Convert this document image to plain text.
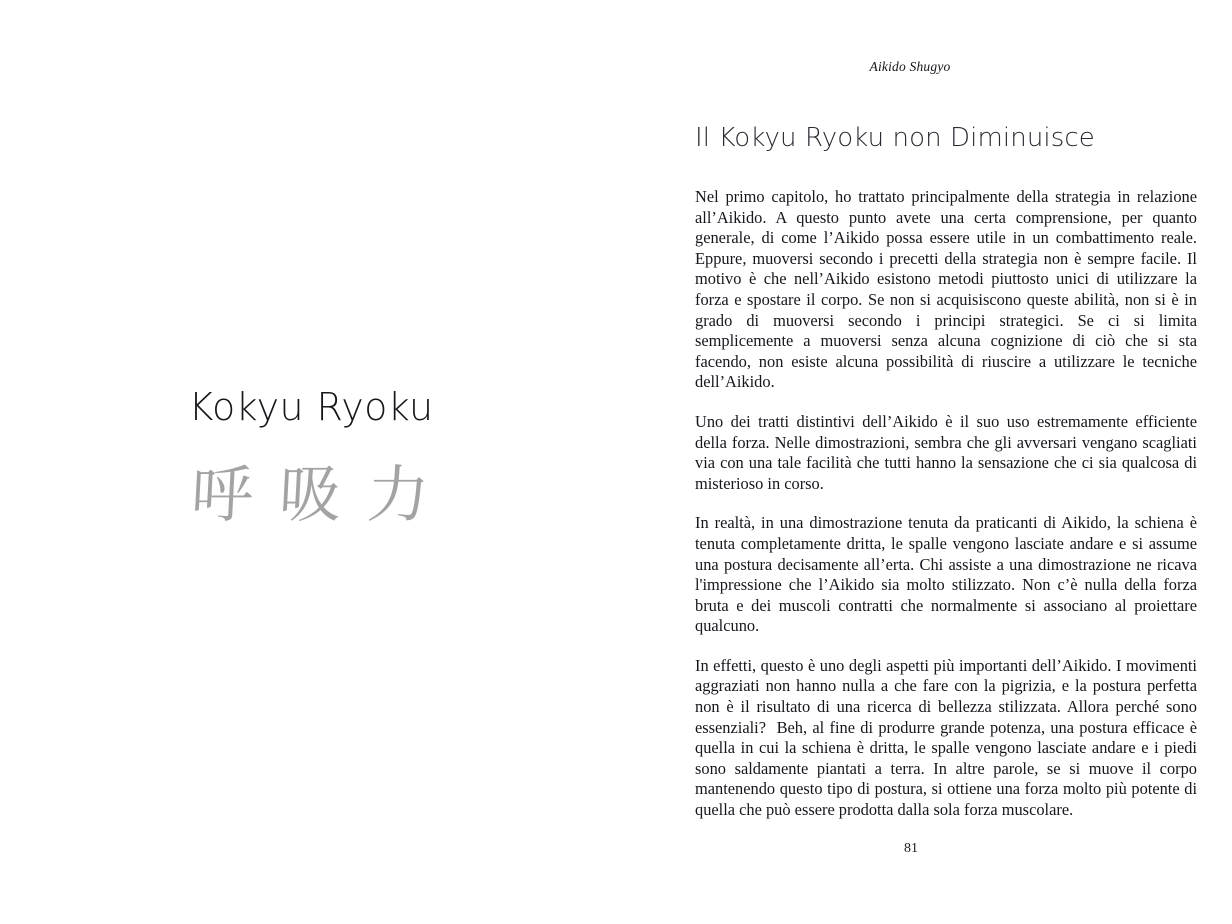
Kokyu Ryoku
呼吸力
Aikido Shugyo
Il Kokyu Ryoku non Diminuisce

Nel primo capitolo, ho trattato principalmente della strategia in relazione all’Aikido. A questo punto avete una certa comprensione, per quanto generale, di come l’Aikido possa essere utile in un combattimento reale. Eppure, muoversi secondo i precetti della strategia non è sempre facile. Il motivo è che nell’Aikido esistono metodi piuttosto unici di utilizzare la forza e spostare il corpo. Se non si acquisiscono queste abilità, non si è in grado di muoversi secondo i principi strategici. Se ci si limita semplicemente a muoversi senza alcuna cognizione di ciò che si sta facendo, non esiste alcuna possibilità di riuscire a utilizzare le tecniche dell’Aikido.

Uno dei tratti distintivi dell’Aikido è il suo uso estremamente efficiente della forza. Nelle dimostrazioni, sembra che gli avversari vengano scagliati via con una tale facilità che tutti hanno la sensazione che ci sia qualcosa di misterioso in corso.

In realtà, in una dimostrazione tenuta da praticanti di Aikido, la schiena è tenuta completamente dritta, le spalle vengono lasciate andare e si assume una postura decisamente all’erta. Chi assiste a una dimostrazione ne ricava l'impressione che l’Aikido sia molto stilizzato. Non c’è nulla della forza bruta e dei muscoli contratti che normalmente si associano al proiettare qualcuno.

In effetti, questo è uno degli aspetti più importanti dell’Aikido. I movimenti aggraziati non hanno nulla a che fare con la pigrizia, e la postura perfetta non è il risultato di una ricerca di bellezza stilizzata. Allora perché sono essenziali?  Beh, al fine di produrre grande potenza, una postura efficace è quella in cui la schiena è dritta, le spalle vengono lasciate andare e i piedi sono saldamente piantati a terra. In altre parole, se si muove il corpo mantenendo questo tipo di postura, si ottiene una forza molto più potente di quella che può essere prodotta dalla sola forza muscolare.

81
